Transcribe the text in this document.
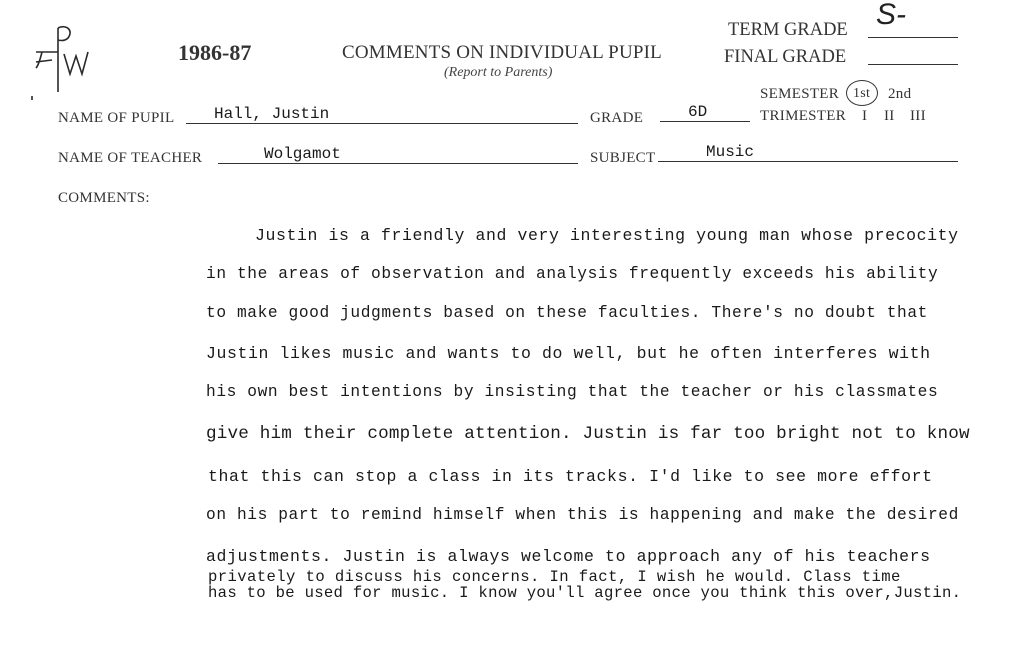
FW
1986-87	COMMENTS ON INDIVIDUAL PUPIL
(Report to Parents)
TERM GRADE S-
FINAL GRADE
SEMESTER 1st 2nd
TRIMESTER I II III
NAME OF PUPIL Hall, Justin	GRADE	6D
NAME OF TEACHER	Wolgamot	SUBJECT	Music
COMMENTS:
Justin is a friendly and very interesting young man whose precocity
in the areas of observation and analysis frequently exceeds his ability
to make good judgments based on these faculties. There's no doubt that
Justin likes music and wants to do well, but he often interferes with
his own best intentions by insisting that the teacher or his classmates
give him their complete attention. Justin is far too bright not to know
that this can stop a class in its tracks. I'd like to see more effort
on his part to remind himself when this is happening and make the desired
adjustments. Justin is always welcome to approach any of his teachers
privately to discuss his concerns. In fact, I wish he would. Class time
has to be used for music. I know you'll agree once you think this over,Justin.
